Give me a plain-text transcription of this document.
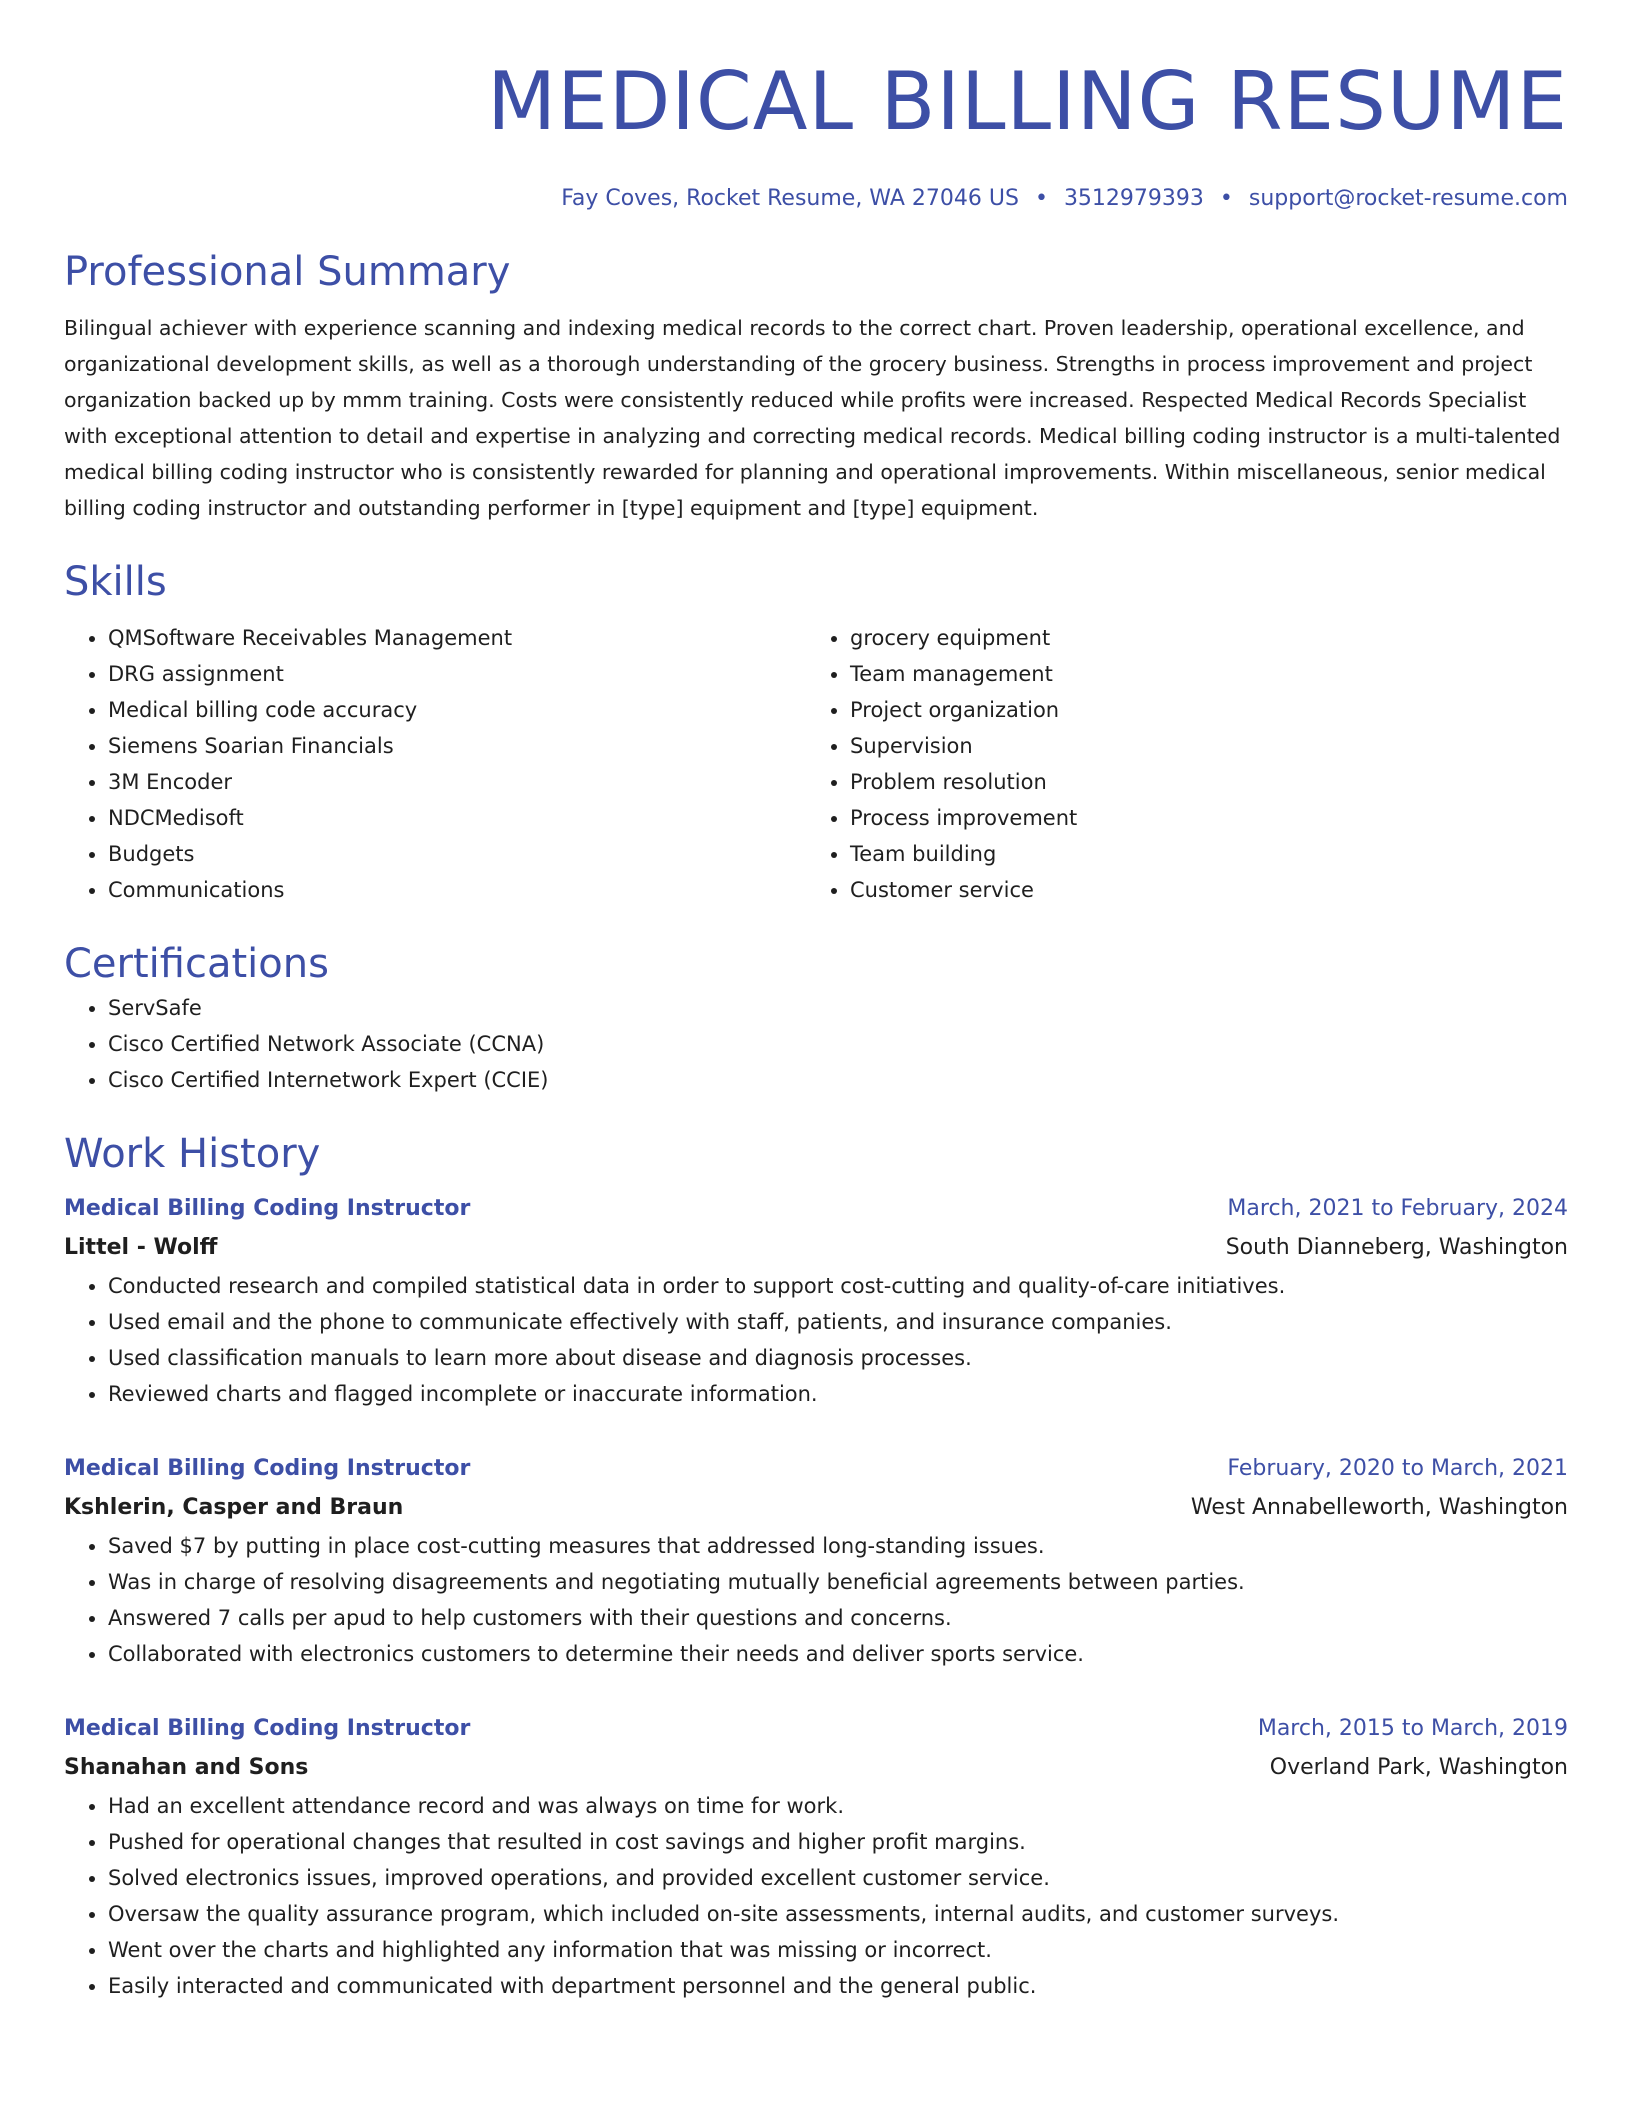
MEDICAL BILLING RESUME
Fay Coves, Rocket Resume, WA 27046 US • 3512979393 • support@rocket-resume.com
Professional Summary

Bilingual achiever with experience scanning and indexing medical records to the correct chart. Proven leadership, operational excellence, and organizational development skills, as well as a thorough understanding of the grocery business. Strengths in process improvement and project organization backed up by mmm training. Costs were consistently reduced while profits were increased. Respected Medical Records Specialist with exceptional attention to detail and expertise in analyzing and correcting medical records. Medical billing coding instructor is a multi-talented medical billing coding instructor who is consistently rewarded for planning and operational improvements. Within miscellaneous, senior medical billing coding instructor and outstanding performer in [type] equipment and [type] equipment.

Skills
• QMSoftware Receivables Management
• DRG assignment
• Medical billing code accuracy
• Siemens Soarian Financials
• 3M Encoder
• NDCMedisoft
• Budgets
• Communications
• grocery equipment
• Team management
• Project organization
• Supervision
• Problem resolution
• Process improvement
• Team building
• Customer service
Certifications
• ServSafe
• Cisco Certified Network Associate (CCNA)
• Cisco Certified Internetwork Expert (CCIE)
Work History
Medical Billing Coding Instructor	March, 2021 to February, 2024
Littel - Wolff	South Dianneberg, Washington
• Conducted research and compiled statistical data in order to support cost-cutting and quality-of-care initiatives.
• Used email and the phone to communicate effectively with staff, patients, and insurance companies.
• Used classification manuals to learn more about disease and diagnosis processes.
• Reviewed charts and flagged incomplete or inaccurate information.
Medical Billing Coding Instructor	February, 2020 to March, 2021
Kshlerin, Casper and Braun	West Annabelleworth, Washington
• Saved $7 by putting in place cost-cutting measures that addressed long-standing issues.
• Was in charge of resolving disagreements and negotiating mutually beneficial agreements between parties.
• Answered 7 calls per apud to help customers with their questions and concerns.
• Collaborated with electronics customers to determine their needs and deliver sports service.
Medical Billing Coding Instructor	March, 2015 to March, 2019
Shanahan and Sons	Overland Park, Washington
• Had an excellent attendance record and was always on time for work.
• Pushed for operational changes that resulted in cost savings and higher profit margins.
• Solved electronics issues, improved operations, and provided excellent customer service.
• Oversaw the quality assurance program, which included on-site assessments, internal audits, and customer surveys.
• Went over the charts and highlighted any information that was missing or incorrect.
• Easily interacted and communicated with department personnel and the general public.
